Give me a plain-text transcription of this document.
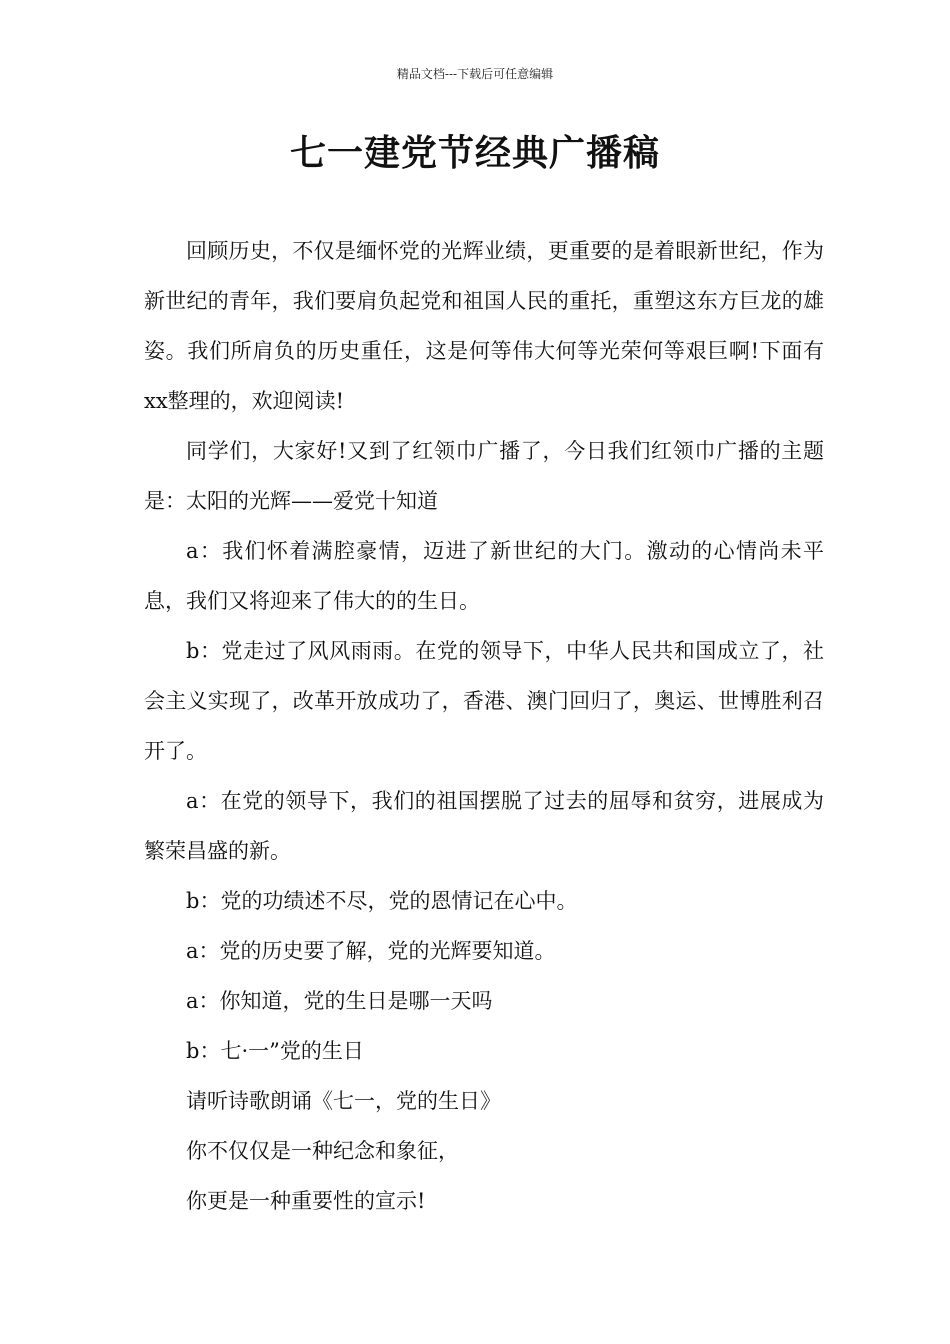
精品文档---下载后可任意编辑
七一建党节经典广播稿

回顾历史，不仅是缅怀党的光辉业绩，更重要的是着眼新世纪，作为新世纪的青年，我们要肩负起党和祖国人民的重托，重塑这东方巨龙的雄姿。我们所肩负的历史重任，这是何等伟大何等光荣何等艰巨啊!下面有xx整理的，欢迎阅读!

同学们，大家好!又到了红领巾广播了，今日我们红领巾广播的主题是：太阳的光辉——爱党十知道

a：我们怀着满腔豪情，迈进了新世纪的大门。激动的心情尚未平息，我们又将迎来了伟大的的生日。

b：党走过了风风雨雨。在党的领导下，中华人民共和国成立了，社会主义实现了，改革开放成功了，香港、澳门回归了，奥运、世博胜利召开了。

a：在党的领导下，我们的祖国摆脱了过去的屈辱和贫穷，进展成为繁荣昌盛的新。

b：党的功绩述不尽，党的恩情记在心中。

a：党的历史要了解，党的光辉要知道。

a：你知道，党的生日是哪一天吗

b：七·一”党的生日

请听诗歌朗诵《七一，党的生日》

你不仅仅是一种纪念和象征，

你更是一种重要性的宣示!
